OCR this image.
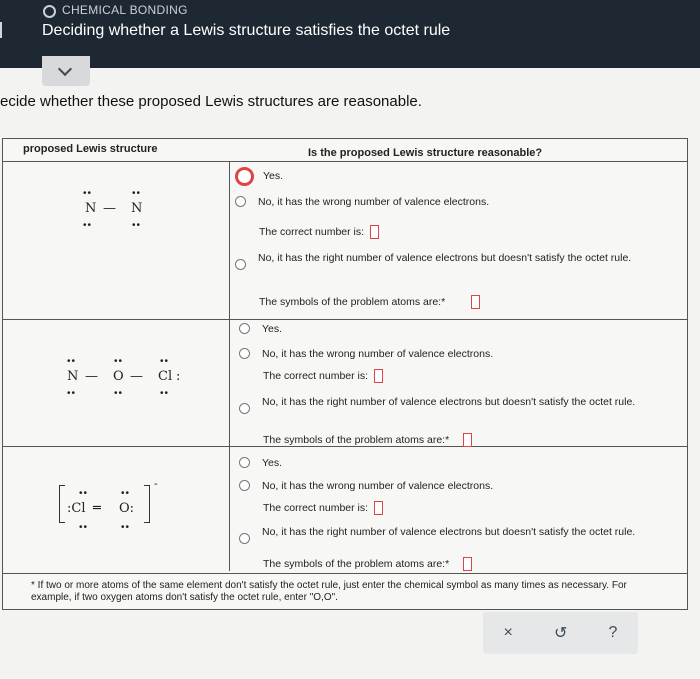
CHEMICAL BONDING
Deciding whether a Lewis structure satisfies the octet rule
ecide whether these proposed Lewis structures are reasonable.
proposed Lewis structure	Is the proposed Lewis structure reasonable?
••	••
N — N
••	••
Yes.
No, it has the wrong number of valence electrons.
The correct number is:
No, it has the right number of valence electrons but doesn't satisfy the octet rule.
The symbols of the problem atoms are:*
••	••	••
N — O — Cl :
••	••	••
Yes.
No, it has the wrong number of valence electrons.
The correct number is:
No, it has the right number of valence electrons but doesn't satisfy the octet rule.
The symbols of the problem atoms are:*
••	••
:Cl ═ O:
••	••
-
Yes.
No, it has the wrong number of valence electrons.
The correct number is:
No, it has the right number of valence electrons but doesn't satisfy the octet rule.
The symbols of the problem atoms are:*
* If two or more atoms of the same element don't satisfy the octet rule, just enter the chemical symbol as many times as necessary. For example, if two oxygen atoms don't satisfy the octet rule, enter "O,O".
×	↺	?
